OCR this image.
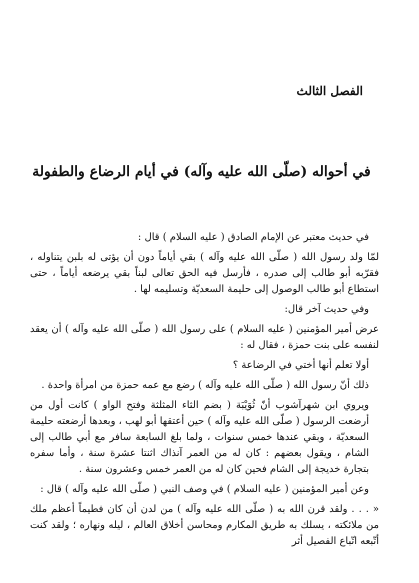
الفصل الثالث
في أحواله (صلّى الله عليه وآله) في أيام الرضاع والطفولة

في حديث معتبر عن الإمام الصادق ( عليه السلام ) قال :

لمّا ولد رسول الله ( صلّى الله عليه وآله ) بقي أياماً دون أن يؤتى له بلبن يتناوله ، فقرّبه أبو طالب إلى صدره ، فأرسل فيه الحق تعالى لبناً بقي يرضعه أياماً ، حتى استطاع أبو طالب الوصول إلى حليمة السعديّة وتسليمه لها .

وفي حديث آخر قال:

عرض أمير المؤمنين ( عليه السلام ) على رسول الله ( صلّى الله عليه وآله ) أن يعقد لنفسه على بنت حمزة ، فقال له :

أولا تعلم أنها أختي في الرضاعة ؟

ذلك أنّ رسول الله ( صلّى الله عليه وآله ) رضع مع عمه حمزة من امرأة واحدة .

ويروي ابن شهرآشوب أنّ ثُوَيْبَة ( بضم الثاء المثلثة وفتح الواو ) كانت أول من أرضعت الرسول ( صلّى الله عليه وآله ) حين أعتقها أبو لهب ، وبعدها أرضعته حليمة السعديّة ، وبقي عندها خمس سنوات ، ولما بلغ السابعة سافر مع أبي طالب إلى الشام ، ويقول بعضهم : كان له من العمر آنذاك اثنتا عشرة سنة ، وأما سفره بتجارة خديجة إلى الشام فحين كان له من العمر خمس وعشرون سنة .

وعن أمير المؤمنين ( عليه السلام ) في وصف النبي ( صلّى الله عليه وآله ) قال :

« . . . ولقد قرن الله به ( صلّى الله عليه وآله ) من لدن أن كان فطيماً أعظم ملك من ملائكته ، يسلك به طريق المكارم ومحاسن أخلاق العالم ، ليله ونهاره ؛ ولقد كنت أتّبعه اتّباع الفصيل أثر
